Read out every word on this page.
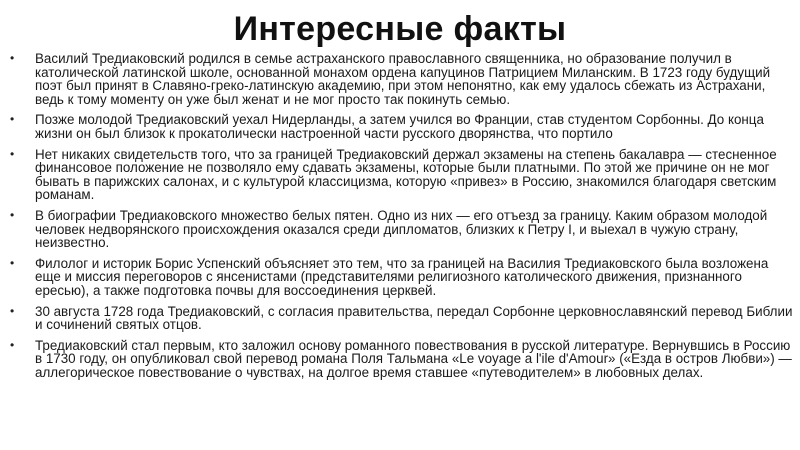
Интересные факты
• Василий Тредиаковский родился в семье астраханского православного священника, но образование получил в католической латинской школе, основанной монахом ордена капуцинов Патрицием Миланским. В 1723 году будущий поэт был принят в Славяно-греко-латинскую академию, при этом непонятно, как ему удалось сбежать из Астрахани, ведь к тому моменту он уже был женат и не мог просто так покинуть семью.
• Позже молодой Тредиаковский уехал Нидерланды, а затем учился во Франции, став студентом Сорбонны. До конца жизни он был близок к прокатолически настроенной части русского дворянства, что портило
• Нет никаких свидетельств того, что за границей Тредиаковский держал экзамены на степень бакалавра — стесненное финансовое положение не позволяло ему сдавать экзамены, которые были платными. По этой же причине он не мог бывать в парижских салонах, и с культурой классицизма, которую «привез» в Россию, знакомился благодаря светским романам.
• В биографии Тредиаковского множество белых пятен. Одно из них — его отъезд за границу. Каким образом молодой человек недворянского происхождения оказался среди дипломатов, близких к Петру I, и выехал в чужую страну, неизвестно.
• Филолог и историк Борис Успенский объясняет это тем, что за границей на Василия Тредиаковского была возложена еще и миссия переговоров с янсенистами (представителями религиозного католического движения, признанного ересью), а также подготовка почвы для воссоединения церквей.
• 30 августа 1728 года Тредиаковский, с согласия правительства, передал Сорбонне церковнославянский перевод Библии и сочинений святых отцов.
• Тредиаковский стал первым, кто заложил основу романного повествования в русской литературе. Вернувшись в Россию в 1730 году, он опубликовал свой перевод романа Поля Тальмана «Le voyage a l'ile d'Amour» («Езда в остров Любви») — аллегорическое повествование о чувствах, на долгое время ставшее «путеводителем» в любовных делах.
